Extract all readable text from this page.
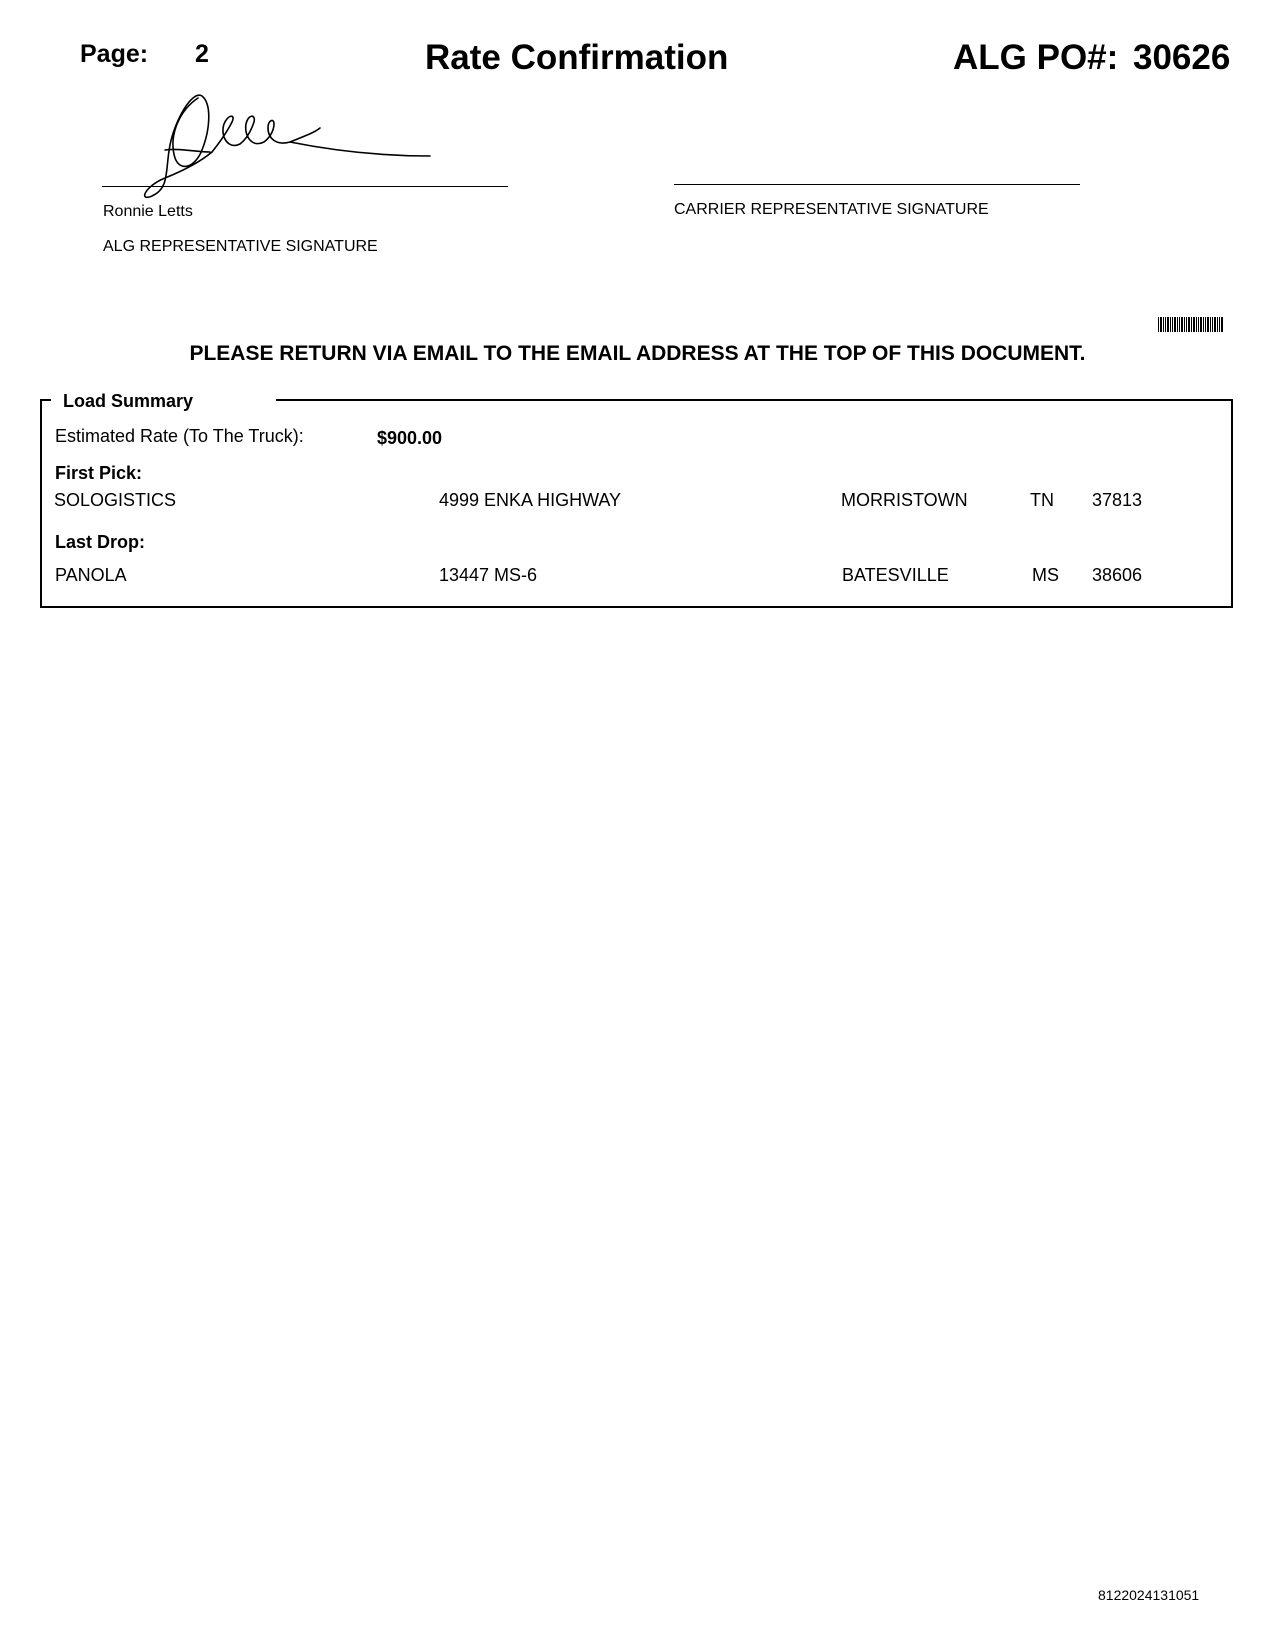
Page: 2	Rate Confirmation	ALG PO#: 30626
Ronnie Letts
ALG REPRESENTATIVE SIGNATURE
CARRIER REPRESENTATIVE SIGNATURE
PLEASE RETURN VIA EMAIL TO THE EMAIL ADDRESS AT THE TOP OF THIS DOCUMENT.
Load Summary
Estimated Rate (To The Truck):	$900.00
First Pick:
SOLOGISTICS	4999 ENKA HIGHWAY	MORRISTOWN	TN 37813
Last Drop:
PANOLA	13447 MS-6	BATESVILLE	MS 38606
8122024131051
